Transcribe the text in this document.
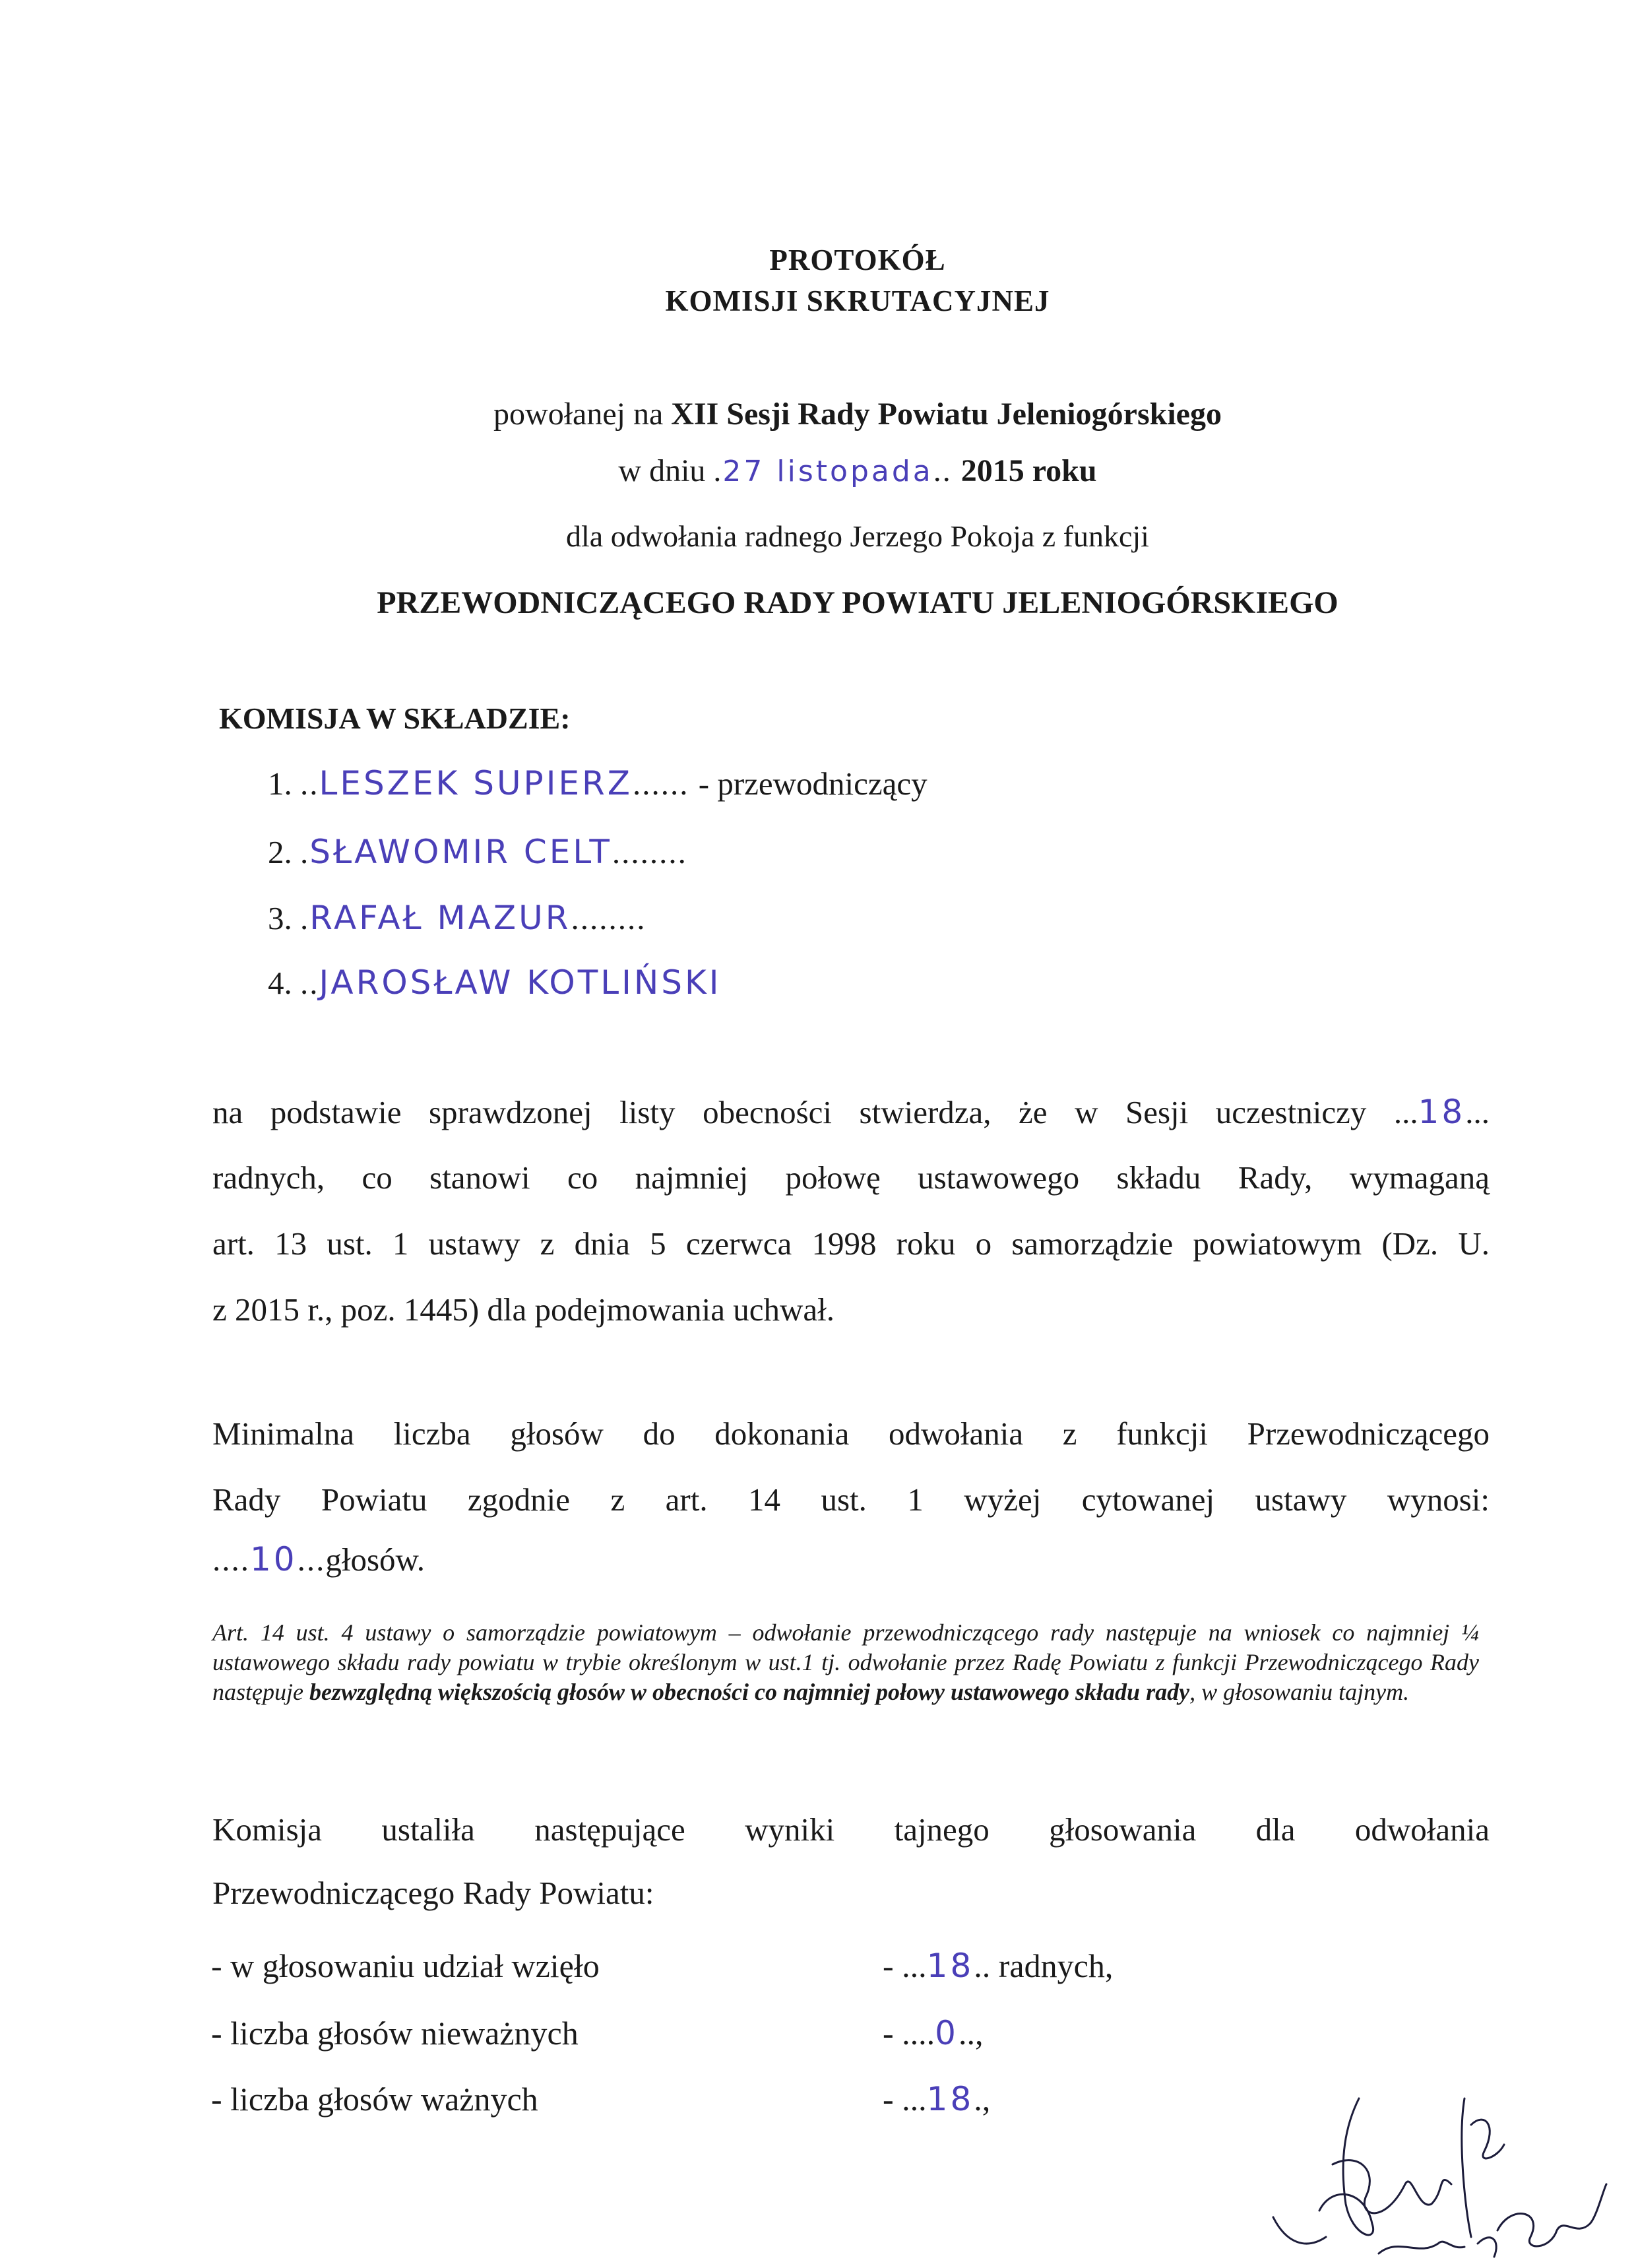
PROTOKÓŁ
KOMISJI SKRUTACYJNEJ
powołanej na XII Sesji Rady Powiatu Jeleniogórskiego
w dniu .27 listopada.. 2015 roku
dla odwołania radnego Jerzego Pokoja z funkcji
PRZEWODNICZĄCEGO RADY POWIATU JELENIOGÓRSKIEGO
KOMISJA W SKŁADZIE:
1. ..LESZEK SUPIERZ...... - przewodniczący
2. .SŁAWOMIR CELT........
3. .RAFAŁ MAZUR........
4. ..JAROSŁAW KOTLIŃSKI
na podstawie sprawdzonej listy obecności stwierdza, że w Sesji uczestniczy ...18...
radnych, co stanowi co najmniej połowę ustawowego składu Rady, wymaganą
art. 13 ust. 1 ustawy z dnia 5 czerwca 1998 roku o samorządzie powiatowym (Dz. U.
z 2015 r., poz. 1445) dla podejmowania uchwał.
Minimalna liczba głosów do dokonania odwołania z funkcji Przewodniczącego
Rady Powiatu zgodnie z art. 14 ust. 1 wyżej cytowanej ustawy wynosi:
....10...głosów.
Art. 14 ust. 4 ustawy o samorządzie powiatowym – odwołanie przewodniczącego rady następuje na wniosek co najmniej ¼ ustawowego składu rady powiatu w trybie określonym w ust.1 tj. odwołanie przez Radę Powiatu z funkcji Przewodniczącego Rady następuje bezwzględną większością głosów w obecności co najmniej połowy ustawowego składu rady, w głosowaniu tajnym.
Komisja ustaliła następujące wyniki tajnego głosowania dla odwołania
Przewodniczącego Rady Powiatu:
- w głosowaniu udział wzięło	- ...18.. radnych,
- liczba głosów nieważnych	- ....0..,
- liczba głosów ważnych	- ...18.,
